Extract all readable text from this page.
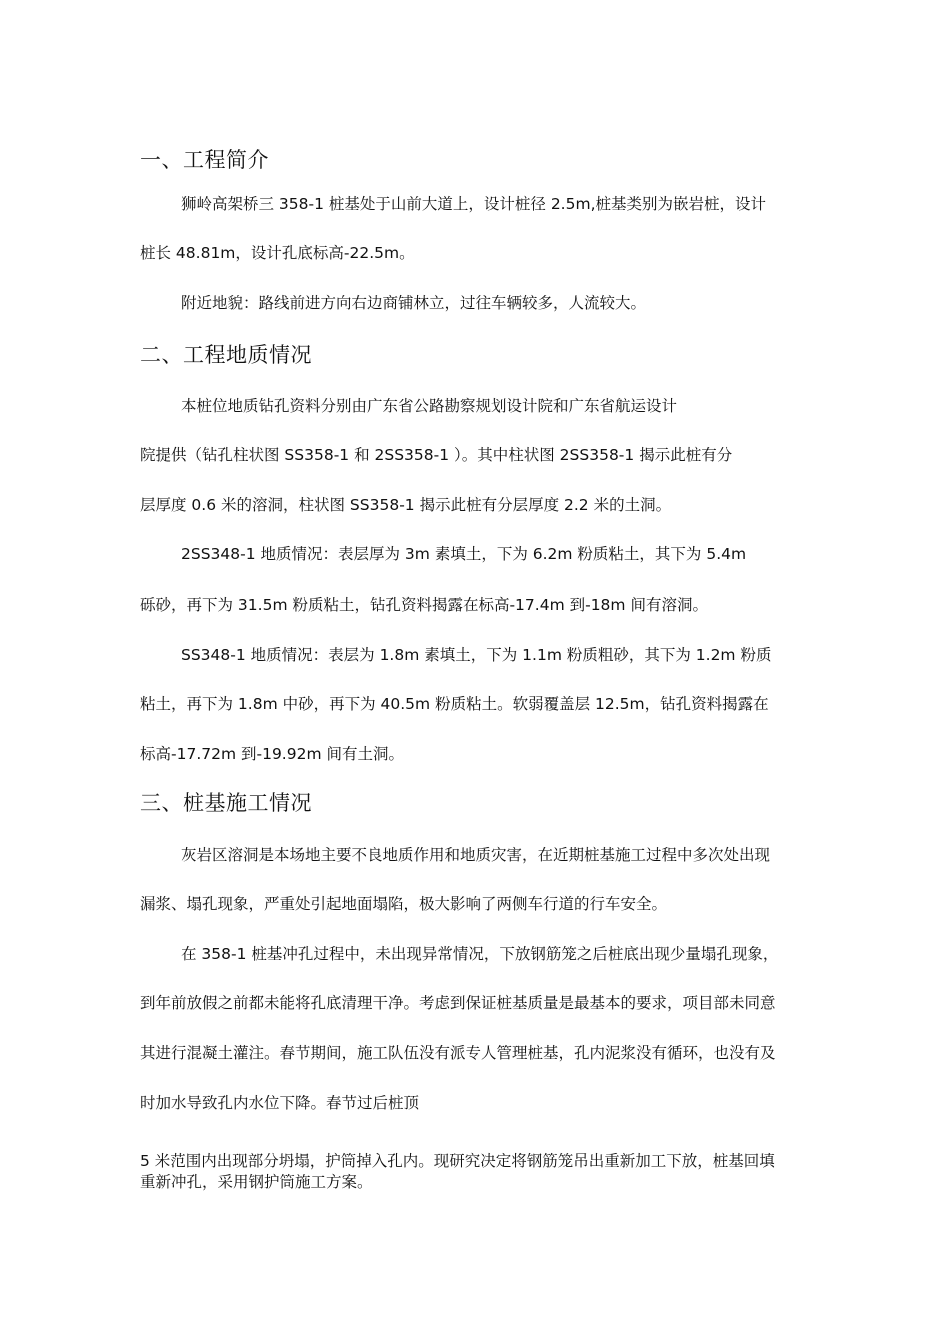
一、工程简介
狮岭高架桥三 358-1 桩基处于山前大道上，设计桩径 2.5m,桩基类别为嵌岩桩，设计
桩长 48.81m，设计孔底标高-22.5m。
附近地貌：路线前进方向右边商铺林立，过往车辆较多，人流较大。
二、工程地质情况
本桩位地质钻孔资料分别由广东省公路勘察规划设计院和广东省航运设计
院提供（钻孔柱状图 SS358-1 和 2SS358-1 ）。其中柱状图 2SS358-1 揭示此桩有分
层厚度 0.6 米的溶洞，柱状图 SS358-1 揭示此桩有分层厚度 2.2 米的土洞。
2SS348-1 地质情况：表层厚为 3m 素填土，下为 6.2m 粉质粘土，其下为 5.4m
砾砂，再下为 31.5m 粉质粘土，钻孔资料揭露在标高-17.4m 到-18m 间有溶洞。
SS348-1 地质情况：表层为 1.8m 素填土，下为 1.1m 粉质粗砂，其下为 1.2m 粉质
粘土，再下为 1.8m 中砂，再下为 40.5m 粉质粘土。软弱覆盖层 12.5m，钻孔资料揭露在
标高-17.72m 到-19.92m 间有土洞。
三、桩基施工情况
灰岩区溶洞是本场地主要不良地质作用和地质灾害，在近期桩基施工过程中多次处出现
漏浆、塌孔现象，严重处引起地面塌陷，极大影响了两侧车行道的行车安全。
在 358-1 桩基冲孔过程中，未出现异常情况，下放钢筋笼之后桩底出现少量塌孔现象，
到年前放假之前都未能将孔底清理干净。考虑到保证桩基质量是最基本的要求，项目部未同意
其进行混凝土灌注。春节期间，施工队伍没有派专人管理桩基，孔内泥浆没有循环，也没有及
时加水导致孔内水位下降。春节过后桩顶
5 米范围内出现部分坍塌，护筒掉入孔内。现研究决定将钢筋笼吊出重新加工下放，桩基回填
重新冲孔，采用钢护筒施工方案。
